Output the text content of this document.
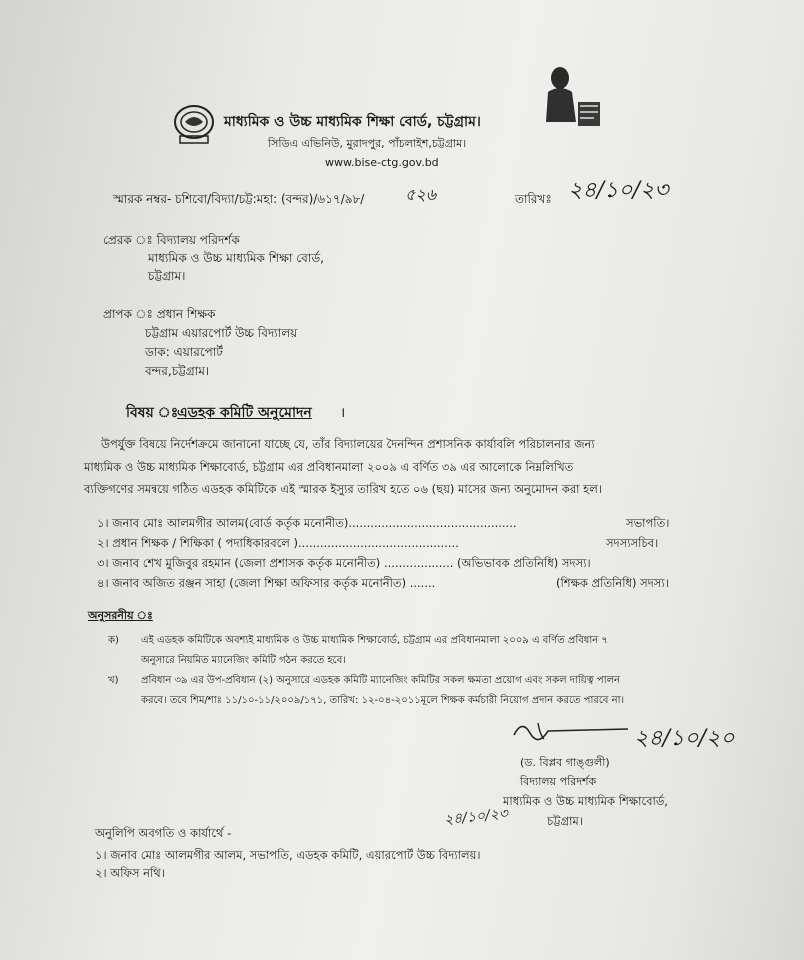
মাধ্যমিক ও উচ্চ মাধ্যমিক শিক্ষা বোর্ড, চট্টগ্রাম।
সিডিএ এভিনিউ, মুরাদপুর, পাঁচলাইশ,চট্টগ্রাম।
www.bise-ctg.gov.bd
স্মারক নম্বর- চশিবো/বিদ্যা/চট্ট:মহা: (বন্দর)/৬১৭/৯৮/	৫২৬	তারিখঃ ২৪/১০/২৩
প্রেরক ঃ বিদ্যালয় পরিদর্শক
মাধ্যমিক ও উচ্চ মাধ্যমিক শিক্ষা বোর্ড,
চট্টগ্রাম।
প্রাপক ঃ প্রধান শিক্ষক
চট্টগ্রাম এয়ারপোর্ট উচ্চ বিদ্যালয়
ডাক: এয়ারপোর্ট
বন্দর,চট্টগ্রাম।
বিষয় ঃ
এডহক কমিটি অনুমোদন ।
উপর্যুক্ত বিষয়ে নির্দেশক্রমে জানানো যাচ্ছে যে, তাঁর বিদ্যালয়ের দৈনন্দিন প্রশাসনিক কার্যাবলি পরিচালনার জন্য
মাধ্যমিক ও উচ্চ মাধ্যমিক শিক্ষাবোর্ড, চট্টগ্রাম এর প্রবিধানমালা ২০০৯ এ বর্ণিত ৩৯ এর আলোকে নিম্নলিখিত
ব্যক্তিগণের সমন্বয়ে গঠিত এডহক কমিটিকে এই স্মারক ইস্যুর তারিখ হতে ০৬ (ছয়) মাসের জন্য অনুমোদন করা হল।
১। জনাব মোঃ আলমগীর আলম(বোর্ড কর্তৃক মনোনীত)..............................................	সভাপতি।
২। প্রধান শিক্ষক / শিক্ষিকা ( পদাধিকারবলে )............................................	সদস্যসচিব।
৩। জনাব শেখ মুজিবুর রহমান (জেলা প্রশাসক কর্তৃক মনোনীত) ................... (অভিভাবক প্রতিনিধি) সদস্য।
৪। জনাব অজিত রঞ্জন সাহা (জেলা শিক্ষা অফিসার কর্তৃক মনোনীত) .......	(শিক্ষক প্রতিনিধি) সদস্য।
অনুসরনীয় ঃ
ক) এই এডহক কমিটিকে অবশ্যই মাধ্যমিক ও উচ্চ মাধ্যমিক শিক্ষাবোর্ড, চট্টগ্রাম এর প্রবিধানমালা ২০০৯ এ বর্ণিত প্রবিধান ৭
অনুসারে নিয়মিত ম্যানেজিং কমিটি গঠন করতে হবে।
খ) প্রবিধান ৩৯ এর উপ-প্রবিধান (২) অনুসারে এডহক কমিটি ম্যানেজিং কমিটির সকল ক্ষমতা প্রয়োগ এবং সকল দায়িত্ব পালন
করবে। তবে শিম/শাঃ ১১/১০-১১/২০০৯/১৭১, তারিখ: ১২-০৪-২০১১মূলে শিক্ষক কর্মচারী নিয়োগ প্রদান করতে পারবে না।
২৪/১০/২০
(ড. বিপ্লব গাঙ্গুলী)
বিদ্যালয় পরিদর্শক
মাধ্যমিক ও উচ্চ মাধ্যমিক শিক্ষাবোর্ড,
চট্টগ্রাম।
২৪/১০/২৩
অনুলিপি অবগতি ও কার্যার্থে -
১। জনাব মোঃ আলমগীর আলম, সভাপতি, এডহক কমিটি, এয়ারপোর্ট উচ্চ বিদ্যালয়।
২। অফিস নথি।
